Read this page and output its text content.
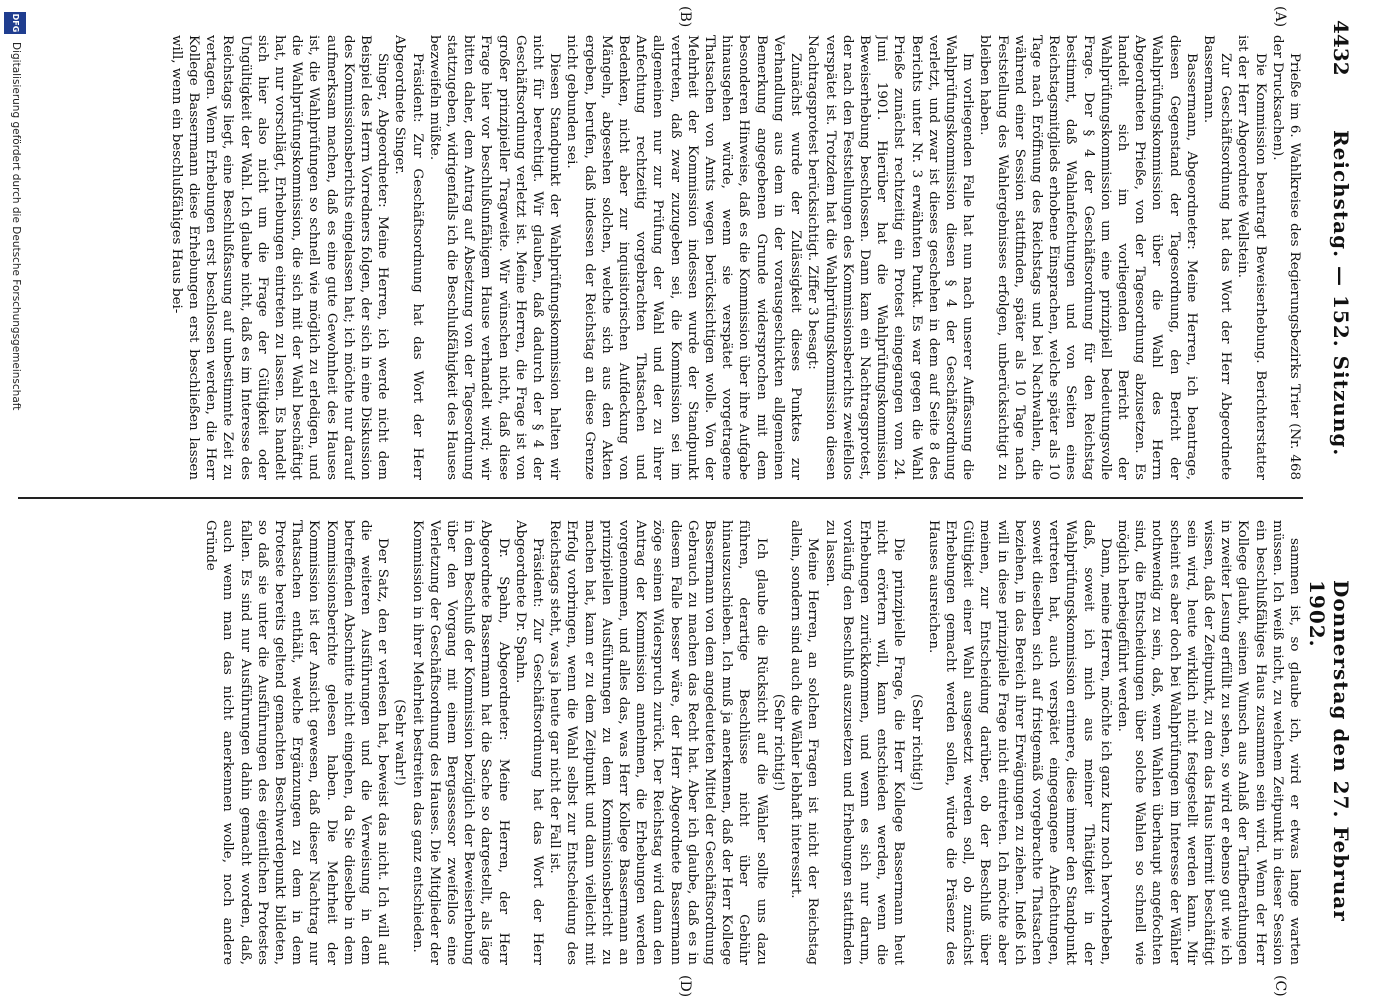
4432
Reichstag. — 152. Sitzung.
Donnerstag den 27. Februar 1902.
(A)
(B)
(C)
(D)

Prieße im 6. Wahlkreise des Regierungsbezirks Trier (Nr. 468 der Drucksachen).

Die Kommission beantragt Beweiserhebung. Berichterstatter ist der Herr Abgeordnete Wellstein.

Zur Geschäftsordnung hat das Wort der Herr Abgeordnete Bassermann.

Bassermann, Abgeordneter: Meine Herren, ich beantrage, diesen Gegenstand der Tagesordnung, den Bericht der Wahlprüfungskommission über die Wahl des Herrn Abgeordneten Prieße, von der Tagesordnung abzusetzen. Es handelt sich im vorliegenden Bericht der Wahlprüfungskommission um eine prinzipiell bedeutungsvolle Frage. Der § 4 der Geschäftsordnung für den Reichstag bestimmt, daß Wahlanfechtungen und von Seiten eines Reichstagsmitglieds erhobene Einsprachen, welche später als 10 Tage nach Eröffnung des Reichstags und bei Nachwahlen, die während einer Session stattfinden, später als 10 Tage nach Feststellung des Wahlergebnisses erfolgen, unberücksichtigt zu bleiben haben.

Im vorliegenden Falle hat nun nach unserer Auffassung die Wahlprüfungskommission diesen § 4 der Geschäftsordnung verletzt, und zwar ist dieses geschehen in dem auf Seite 8 des Berichts unter Nr. 3 erwähnten Punkt. Es war gegen die Wahl Prieße zunächst rechtzeitig ein Protest eingegangen vom 24. Juni 1901. Hierüber hat die Wahlprüfungskommission Beweiserhebung beschlossen. Dann kam ein Nachtragsprotest, der nach den Feststellungen des Kommissionsberichts zweifellos verspätet ist. Trotzdem hat die Wahlprüfungskommission diesen Nachtragsprotest berücksichtigt. Ziffer 3 besagt:

Zunächst wurde der Zulässigkeit dieses Punktes zur Verhandlung aus dem in der vorausgeschickten allgemeinen Bemerkung angegebenen Grunde widersprochen mit dem besonderen Hinweise, daß es die Kommission über ihre Aufgabe hinausgehen würde, wenn sie verspätet vorgetragene Thatsachen von Amts wegen berücksichtigen wolle. Von der Mehrheit der Kommission indessen wurde der Standpunkt vertreten, daß zwar zuzugeben sei, die Kommission sei im allgemeinen nur zur Prüfung der Wahl und der zu ihrer Anfechtung rechtzeitig vorgebrachten Thatsachen und Bedenken, nicht aber zur inquisitorischen Aufdeckung von Mängeln, abgesehen solchen, welche sich aus den Akten ergeben, berufen, daß indessen der Reichstag an diese Grenze nicht gebunden sei.

Diesen Standpunkt der Wahlprüfungskommission halten wir nicht für berechtigt. Wir glauben, daß dadurch der § 4 der Geschäftsordnung verletzt ist. Meine Herren, die Frage ist von großer prinzipieller Tragweite. Wir wünschen nicht, daß diese Frage hier vor beschlußunfähigem Hause verhandelt wird; wir bitten daher, dem Antrag auf Absetzung von der Tagesordnung stattzugeben, widrigenfalls ich die Beschlußfähigkeit des Hauses bezweifeln müßte.

Präsident: Zur Geschäftsordnung hat das Wort der Herr Abgeordnete Singer.

Singer, Abgeordneter: Meine Herren, ich werde nicht dem Beispiel des Herrn Vorredners folgen, der sich in eine Diskussion des Kommissionsberichts eingelassen hat; ich möchte nur darauf aufmerksam machen, daß es eine gute Gewohnheit des Hauses ist, die Wahlprüfungen so schnell wie möglich zu erledigen, und die Wahlprüfungskommission, die sich mit der Wahl beschäftigt hat, nur vorschlägt, Erhebungen eintreten zu lassen. Es handelt sich hier also nicht um die Frage der Gültigkeit oder Ungültigkeit der Wahl. Ich glaube nicht, daß es im Interesse des Reichstags liegt, eine Beschlußfassung auf unbestimmte Zeit zu vertagen. Wenn Erhebungen erst beschlossen werden, die Herr Kollege Bassermann diese Erhebungen erst beschließen lassen will, wenn ein beschlußfähiges Haus bei-

sammen ist, so glaube ich, wird er etwas lange warten müssen. Ich weiß nicht, zu welchem Zeitpunkt in dieser Session ein beschlußfähiges Haus zusammen sein wird. Wenn der Herr Kollege glaubt, seinen Wunsch aus Anlaß der Tarifberathungen in zweiter Lesung erfüllt zu sehen, so wird er ebenso gut wie ich wissen, daß der Zeitpunkt, zu dem das Haus hiermit beschäftigt sein wird, heute wirklich nicht festgestellt werden kann. Mir scheint es aber doch bei Wahlprüfungen im Interesse der Wähler nothwendig zu sein, daß, wenn Wahlen überhaupt angefochten sind, die Entscheidungen über solche Wahlen so schnell wie möglich herbeigeführt werden.

Dann, meine Herren, möchte ich ganz kurz noch hervorheben, daß, soweit ich mich aus meiner Thätigkeit in der Wahlprüfungskommission erinnere, diese immer den Standpunkt vertreten hat, auch verspätet eingegangene Anfechtungen, soweit dieselben sich auf fristgemäß vorgebrachte Thatsachen beziehen, in das Bereich ihrer Erwägungen zu ziehen. Indeß ich will in diese prinzipielle Frage nicht eintreten. Ich möchte aber meinen, zur Entscheidung darüber, ob der Beschluß über Gültigkeit einer Wahl ausgesetzt werden soll, ob zunächst Erhebungen gemacht werden sollen, würde die Präsenz des Hauses ausreichen.

(Sehr richtig!)

Die prinzipielle Frage, die Herr Kollege Bassermann heut nicht erörtern will, kann entschieden werden, wenn die Erhebungen zurückkommen, und wenn es sich nur darum, vorläufig den Beschluß auszusetzen und Erhebungen stattfinden zu lassen.

Meine Herren, an solchen Fragen ist nicht der Reichstag allein, sondern sind auch die Wähler lebhaft interessirt.

(Sehr richtig!)

Ich glaube die Rücksicht auf die Wähler sollte uns dazu führen, derartige Beschlüsse nicht über Gebühr hinauszuschieben. Ich muß ja anerkennen, daß der Herr Kollege Bassermann von dem angedeuteten Mittel der Geschäftsordnung Gebrauch zu machen das Recht hat. Aber ich glaube, daß es in diesem Falle besser wäre, der Herr Abgeordnete Bassermann zöge seinen Widerspruch zurück. Der Reichstag wird dann den Antrag der Kommission annehmen, die Erhebungen werden vorgenommen, und alles das, was Herr Kollege Bassermann an prinzipiellen Ausführungen zu dem Kommissionsbericht zu machen hat, kann er zu dem Zeitpunkt und dann vielleicht mit Erfolg vorbringen, wenn die Wahl selbst zur Entscheidung des Reichstags steht, was ja heute gar nicht der Fall ist.

Präsident: Zur Geschäftsordnung hat das Wort der Herr Abgeordnete Dr. Spahn.

Dr. Spahn, Abgeordneter: Meine Herren, der Herr Abgeordnete Bassermann hat die Sache so dargestellt, als läge in dem Beschluß der Kommission bezüglich der Beweiserhebung über den Vorgang mit einem Bergassessor zweifellos eine Verletzung der Geschäftsordnung des Hauses. Die Mitglieder der Kommission in ihrer Mehrheit bestreiten das ganz entschieden.

(Sehr wahr!)

Der Satz, den er verlesen hat, beweist das nicht. Ich will auf die weiteren Ausführungen und die Verweisung in dem betreffenden Abschnitte nicht eingehen, da Sie dieselbe in dem Kommissionsberichte gelesen haben. Die Mehrheit der Kommission ist der Ansicht gewesen, daß dieser Nachtrag nur Thatsachen enthält, welche Ergänzungen zu dem in dem Proteste bereits geltend gemachten Beschwerdepunkt bildeten, so daß sie unter die Ausführungen des eigentlichen Protestes fallen. Es sind nur Ausführungen dahin gemacht worden, daß, auch wenn man das nicht anerkennen wolle, noch andere Gründe

DFG
Digitalisierung gefördert durch die Deutsche Forschungsgemeinschaft
